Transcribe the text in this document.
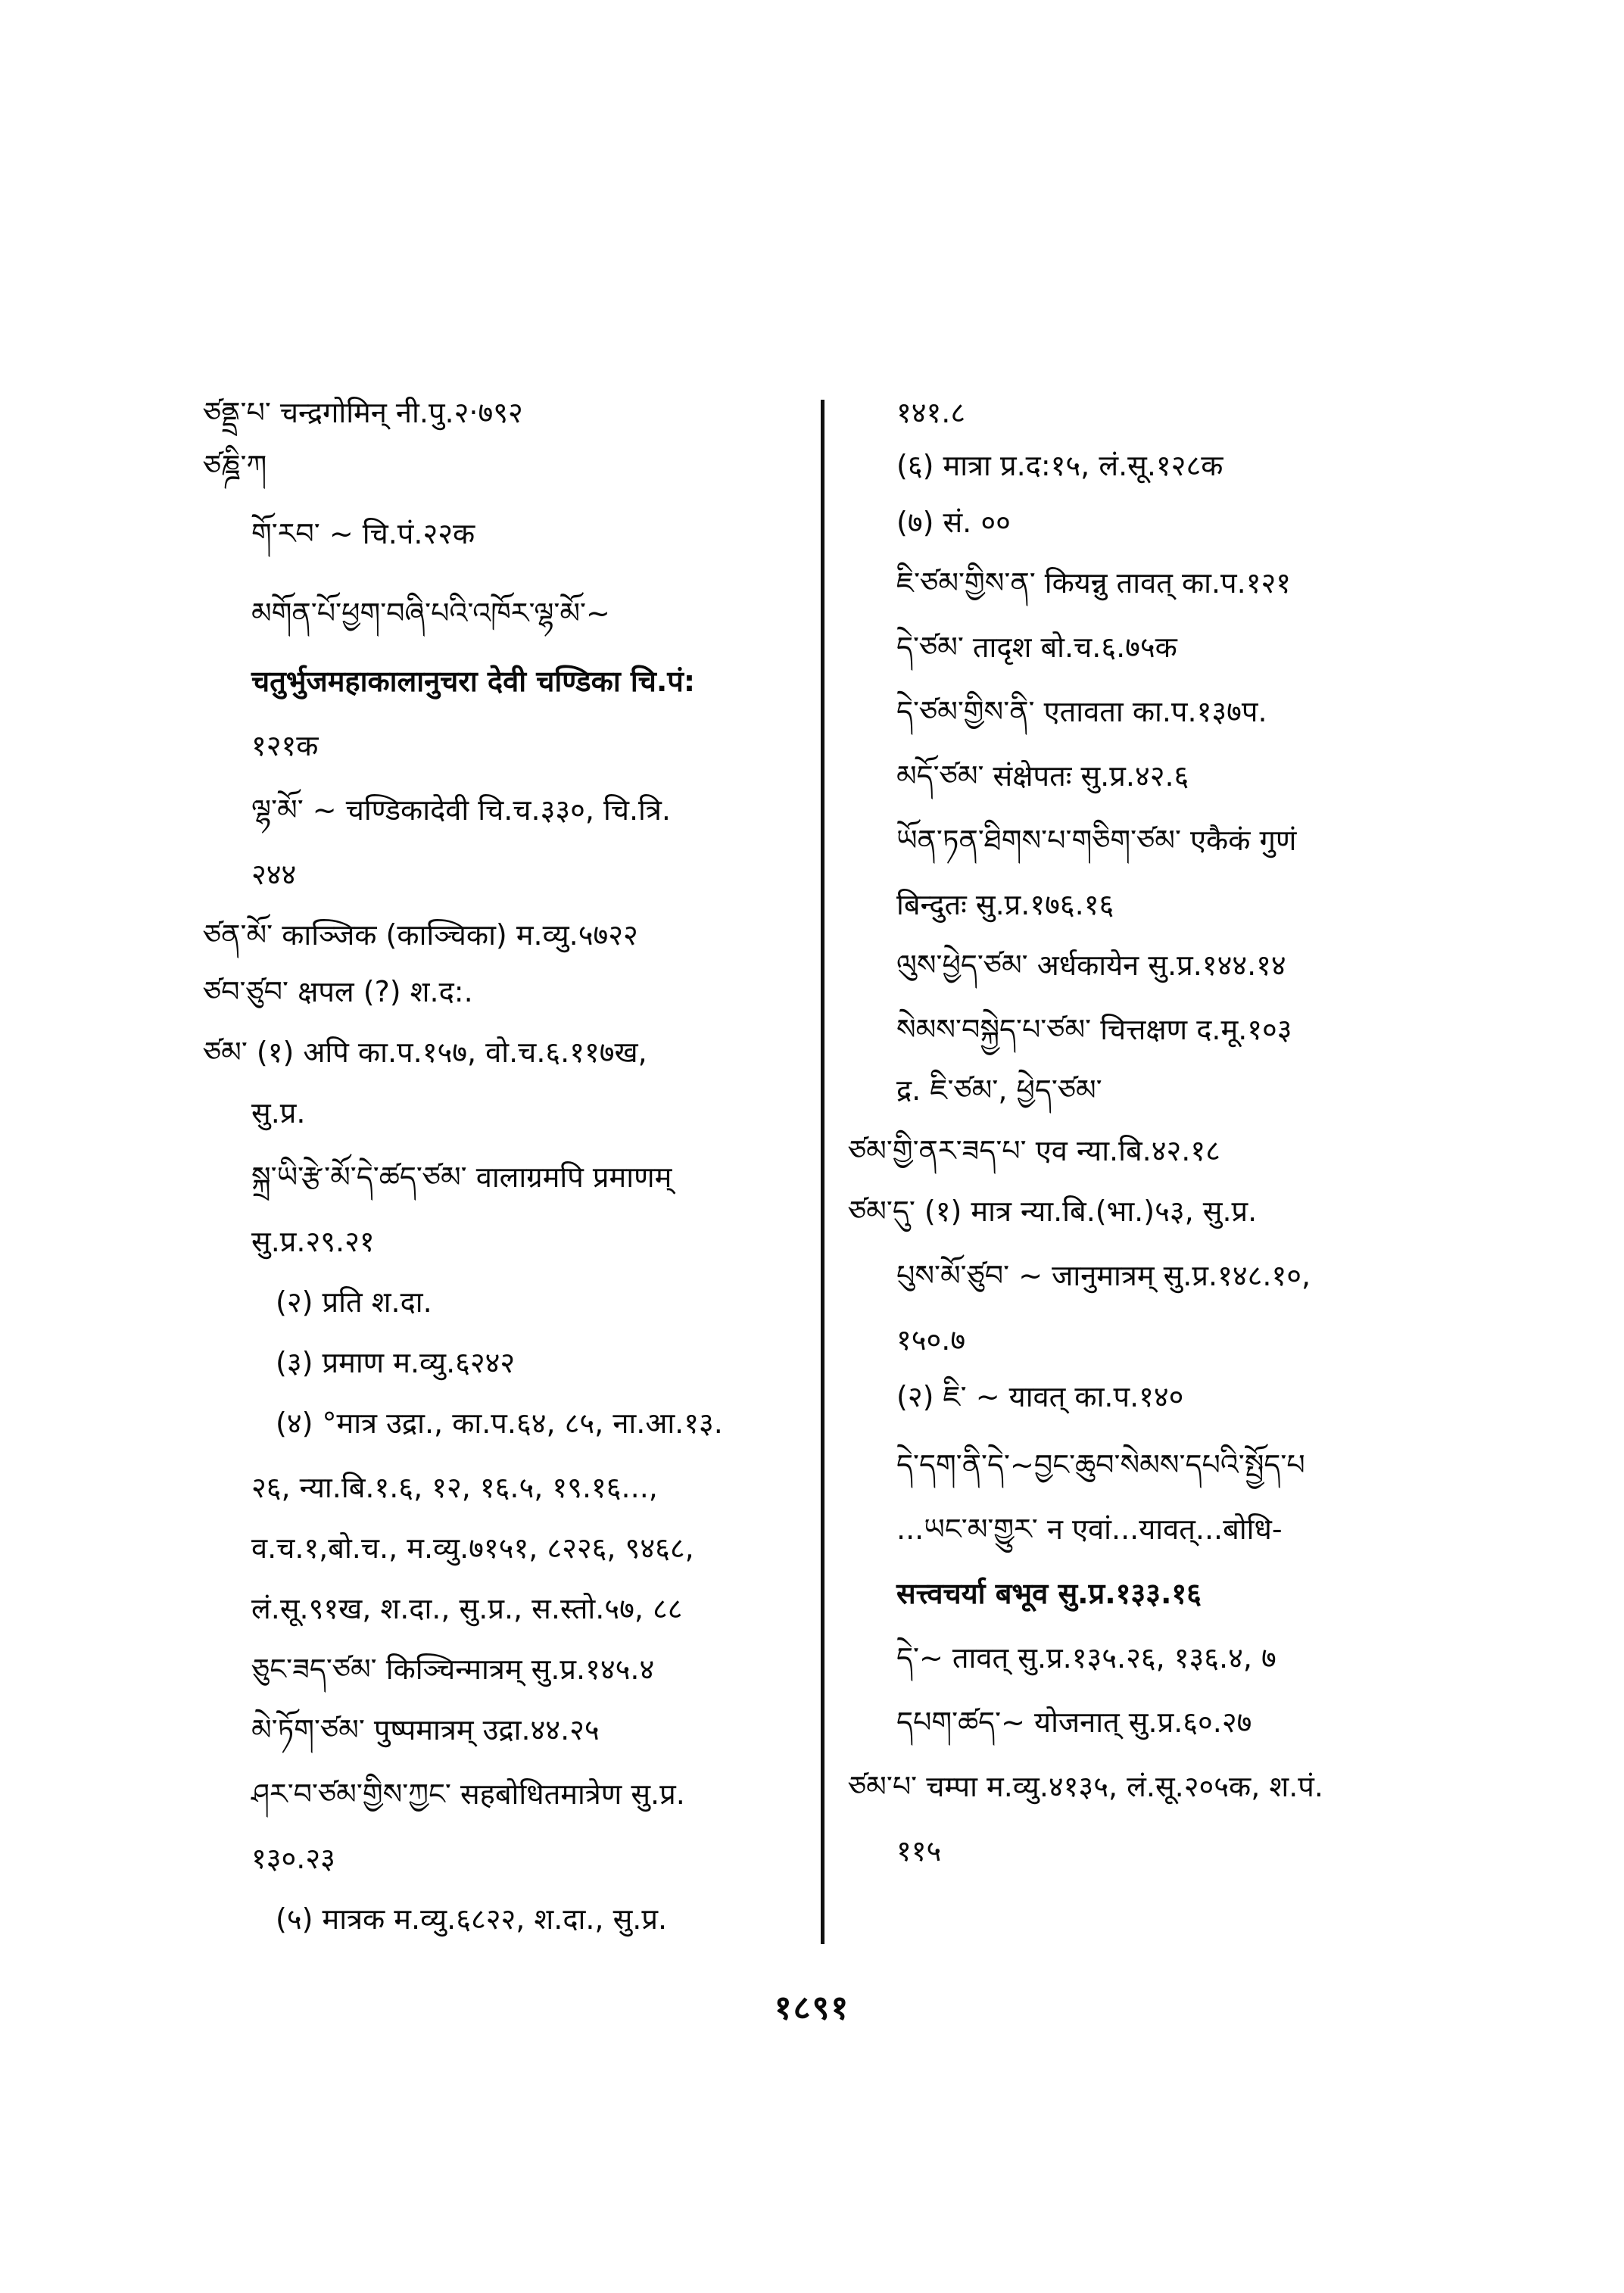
ཙནྡྲ་པ་ चन्द्रगोमिन् नी.पु.२·७९२
ཙཎྜི་ཀ
གོ་རབ་ ~ चि.पं.२२क
མགོན་པོ་ཕྱག་བཞི་པའི་འཁོར་ལྷ་མོ་~
चतुर्भुजमहाकालानुचरा देवी चण्डिका चि.पं:
१२१क
ལྷ་མོ་ ~ चण्डिकादेवी चि.च.३३०, चि.त्रि.
२४४
ཙན་མོ་ काञ्जिक (काञ्चिका) म.व्यु.५७२२
ཙབ་ཙུབ་ क्षपल (?) श.द:.
ཙམ་ (१) अपि का.प.१५७, वो.च.६.११७ख,
सु.प्र.
སྐྲ་ཡི་རྩེ་མོ་དེ་ཚད་ཙམ་ वालाग्रमपि प्रमाणम्
सु.प्र.२९.२१
(२) प्रति श.दा.
(३) प्रमाण म.व्यु.६२४२
(४) °मात्र उद्रा., का.प.६४, ८५, ना.आ.१३.
२६, न्या.बि.१.६, १२, १६.५, १९.१६...,
व.च.१,बो.च., म.व्यु.७१५१, ८२२६, ९४६८,
लं.सू.९१ख, श.दा., सु.प्र., स.स्तो.५७, ८८
ཅུང་ཟད་ཙམ་ किञ्चिन्मात्रम् सु.प्र.१४५.४
མེ་ཏོག་ཙམ་ पुष्पमात्रम् उद्रा.४४.२५
ཤར་བ་ཙམ་གྱིས་ཀྱང་ सहबोधितमात्रेण सु.प्र.
१३०.२३
(५) मात्रक म.व्यु.६८२२, श.दा., सु.प्र.
१४१.८
(६) मात्रा प्र.द:१५, लं.सू.१२८क
(७) सं. ००
ཇི་ཙམ་གྱིས་ན་ कियन्नु तावत् का.प.१२१
དེ་ཙམ་ तादृश बो.च.६.७५क
དེ་ཙམ་གྱིས་ནི་ एतावता का.प.१३७प.
མདོ་ཙམ་ संक्षेपतः सु.प्र.४२.६
ཡོན་ཏན་ཐིགས་པ་གཅིག་ཙམ་ एकैकं गुणं
बिन्दुतः सु.प्र.१७६.१६
ལུས་ཕྱེད་ཙམ་ अर्धकायेन सु.प्र.१४४.१४
སེམས་བསྐྱེད་པ་ཙམ་ चित्तक्षण द.मू.१०३
द्र. ཇི་ཙམ་, ཕྱེད་ཙམ་
ཙམ་གྱི་ནར་ཟད་པ་ एव न्या.बि.४२.१८
ཙམ་དུ་ (१) मात्र न्या.बि.(भा.)५३, सु.प्र.
པུས་མོ་ཙུབ་ ~ जानुमात्रम् सु.प्र.१४८.१०,
१५०.७
(२) ཇི་ ~ यावत् का.प.१४०
དེ་དག་ནི་དེ་~བྱང་ཆུབ་སེམས་དཔའི་སྤྱོད་པ
...ཡང་མ་གྱུར་ न एवां...यावत्...बोधि-
सत्त्वचर्या बभूव सु.प्र.१३३.१६
དེ་~ तावत् सु.प्र.१३५.२६, १३६.४, ७
དཔག་ཚད་~ योजनात् सु.प्र.६०.२७
ཙམ་པ་ चम्पा म.व्यु.४१३५, लं.सू.२०५क, श.पं.
११५
१८९१
